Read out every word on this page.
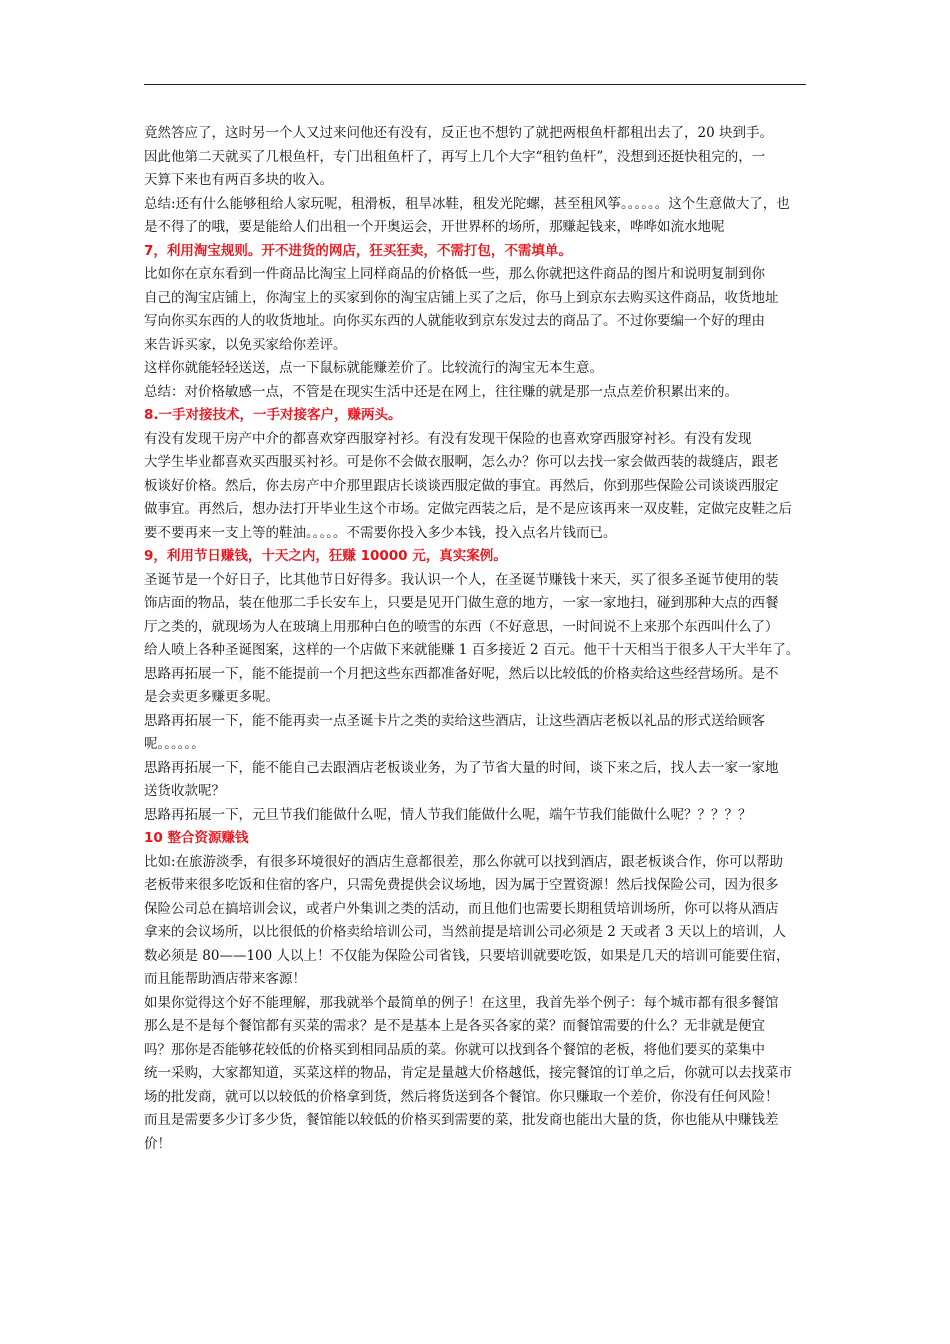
竟然答应了，这时另一个人又过来问他还有没有，反正也不想钓了就把两根鱼杆都租出去了，20 块到手。
因此他第二天就买了几根鱼杆，专门出租鱼杆了，再写上几个大字“租钓鱼杆”，没想到还挺快租完的，一
天算下来也有两百多块的收入。
总结:还有什么能够租给人家玩呢，租滑板，租旱冰鞋，租发光陀螺，甚至租风筝。。。。。。这个生意做大了，也
是不得了的哦，要是能给人们出租一个开奥运会，开世界杯的场所，那赚起钱来，哗哗如流水地呢
7，利用淘宝规则。开不进货的网店，狂买狂卖，不需打包，不需填单。
比如你在京东看到一件商品比淘宝上同样商品的价格低一些，那么你就把这件商品的图片和说明复制到你
自己的淘宝店铺上，你淘宝上的买家到你的淘宝店铺上买了之后，你马上到京东去购买这件商品，收货地址
写向你买东西的人的收货地址。向你买东西的人就能收到京东发过去的商品了。不过你要编一个好的理由
来告诉买家，以免买家给你差评。
这样你就能轻轻送送，点一下鼠标就能赚差价了。比较流行的淘宝无本生意。
总结：对价格敏感一点，不管是在现实生活中还是在网上，往往赚的就是那一点点差价积累出来的。
8.一手对接技术，一手对接客户，赚两头。
有没有发现干房产中介的都喜欢穿西服穿衬衫。有没有发现干保险的也喜欢穿西服穿衬衫。有没有发现
大学生毕业都喜欢买西服买衬衫。可是你不会做衣服啊，怎么办？你可以去找一家会做西装的裁缝店，跟老
板谈好价格。然后，你去房产中介那里跟店长谈谈西服定做的事宜。再然后，你到那些保险公司谈谈西服定
做事宜。再然后，想办法打开毕业生这个市场。定做完西装之后，是不是应该再来一双皮鞋，定做完皮鞋之后
要不要再来一支上等的鞋油。。。。。不需要你投入多少本钱，投入点名片钱而已。
9，利用节日赚钱，十天之内，狂赚 10000 元，真实案例。
圣诞节是一个好日子，比其他节日好得多。我认识一个人，在圣诞节赚钱十来天，买了很多圣诞节使用的装
饰店面的物品，装在他那二手长安车上，只要是见开门做生意的地方，一家一家地扫，碰到那种大点的西餐
厅之类的，就现场为人在玻璃上用那种白色的喷雪的东西（不好意思，一时间说不上来那个东西叫什么了）
给人喷上各种圣诞图案，这样的一个店做下来就能赚 1 百多接近 2 百元。他干十天相当于很多人干大半年了。
思路再拓展一下，能不能提前一个月把这些东西都准备好呢，然后以比较低的价格卖给这些经营场所。是不
是会卖更多赚更多呢。
思路再拓展一下，能不能再卖一点圣诞卡片之类的卖给这些酒店，让这些酒店老板以礼品的形式送给顾客
呢。。。。。。
思路再拓展一下，能不能自己去跟酒店老板谈业务，为了节省大量的时间，谈下来之后，找人去一家一家地
送货收款呢？
思路再拓展一下，元旦节我们能做什么呢，情人节我们能做什么呢，端午节我们能做什么呢？？？？？
10 整合资源赚钱
比如:在旅游淡季，有很多环境很好的酒店生意都很差，那么你就可以找到酒店，跟老板谈合作，你可以帮助
老板带来很多吃饭和住宿的客户，只需免费提供会议场地，因为属于空置资源！然后找保险公司，因为很多
保险公司总在搞培训会议，或者户外集训之类的活动，而且他们也需要长期租赁培训场所，你可以将从酒店
拿来的会议场所，以比很低的价格卖给培训公司，当然前提是培训公司必须是 2 天或者 3 天以上的培训，人
数必须是 80——100 人以上！不仅能为保险公司省钱，只要培训就要吃饭，如果是几天的培训可能要住宿，
而且能帮助酒店带来客源！
如果你觉得这个好不能理解，那我就举个最简单的例子！在这里，我首先举个例子：每个城市都有很多餐馆
那么是不是每个餐馆都有买菜的需求？是不是基本上是各买各家的菜？而餐馆需要的什么？无非就是便宜
吗？那你是否能够花较低的价格买到相同品质的菜。你就可以找到各个餐馆的老板，将他们要买的菜集中
统一采购，大家都知道，买菜这样的物品，肯定是量越大价格越低，接完餐馆的订单之后，你就可以去找菜市
场的批发商，就可以以较低的价格拿到货，然后将货送到各个餐馆。你只赚取一个差价，你没有任何风险！
而且是需要多少订多少货，餐馆能以较低的价格买到需要的菜，批发商也能出大量的货，你也能从中赚钱差
价！
